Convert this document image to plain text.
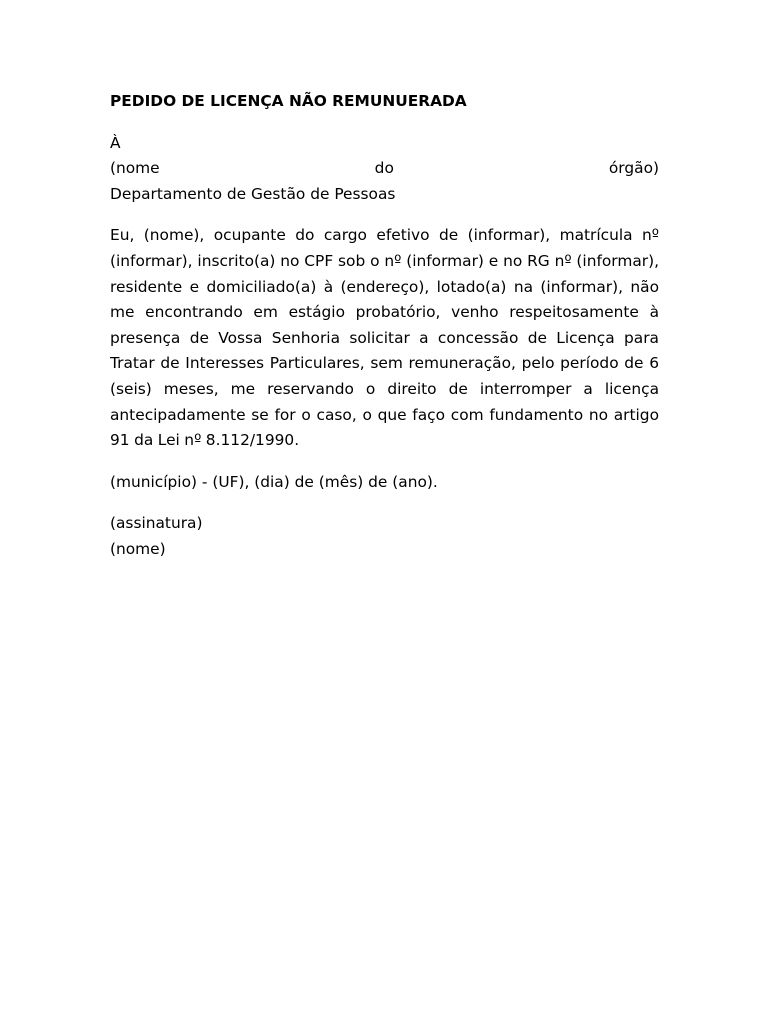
PEDIDO DE LICENÇA NÃO REMUNUERADA

À
(nome	do	órgão)
Departamento de Gestão de Pessoas
Eu, (nome), ocupante do cargo efetivo de (informar), matrícula nº (informar), inscrito(a) no CPF sob o nº (informar) e no RG nº (informar), residente e domiciliado(a) à (endereço), lotado(a) na (informar), não me encontrando em estágio probatório, venho respeitosamente à presença de Vossa Senhoria solicitar a concessão de Licença para Tratar de Interesses Particulares, sem remuneração, pelo período de 6 (seis) meses, me reservando o direito de interromper a licença antecipadamente se for o caso, o que faço com fundamento no artigo 91 da Lei nº 8.112/1990.
(município) - (UF), (dia) de (mês) de (ano).
(assinatura)
(nome)
